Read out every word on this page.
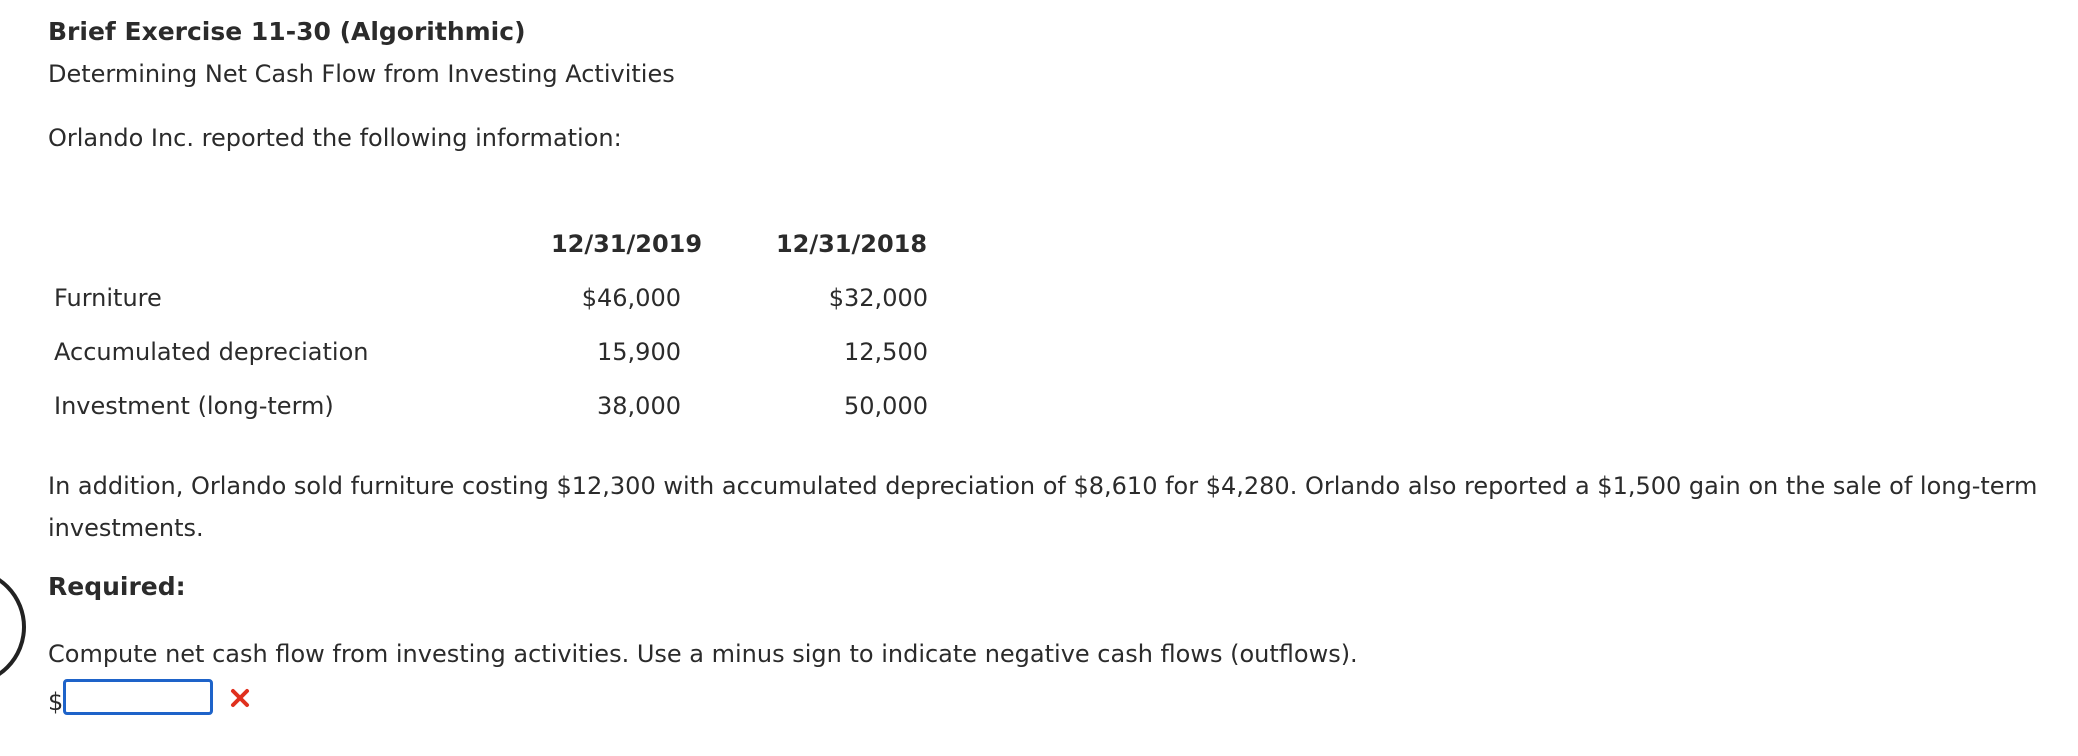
Brief Exercise 11-30 (Algorithmic)
Determining Net Cash Flow from Investing Activities
Orlando Inc. reported the following information:
	12/31/2019	12/31/2018
Furniture	$46,000	$32,000
Accumulated depreciation	15,900	12,500
Investment (long-term)	38,000	50,000
In addition, Orlando sold furniture costing $12,300 with accumulated depreciation of $8,610 for $4,280. Orlando also reported a $1,500 gain on the sale of long-term investments.
Required:
Compute net cash flow from investing activities. Use a minus sign to indicate negative cash flows (outflows).
$
